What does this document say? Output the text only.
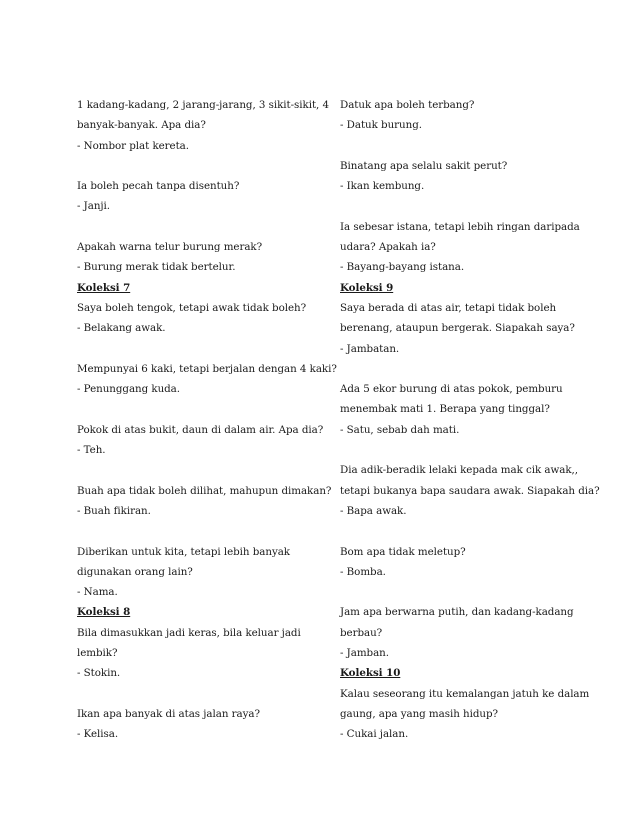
1 kadang-kadang, 2 jarang-jarang, 3 sikit-sikit, 4
banyak-banyak. Apa dia?
- Nombor plat kereta.
Ia boleh pecah tanpa disentuh?
- Janji.
Apakah warna telur burung merak?
- Burung merak tidak bertelur.
Koleksi 7
Saya boleh tengok, tetapi awak tidak boleh?
- Belakang awak.
Mempunyai 6 kaki, tetapi berjalan dengan 4 kaki?
- Penunggang kuda.
Pokok di atas bukit, daun di dalam air. Apa dia?
- Teh.
Buah apa tidak boleh dilihat, mahupun dimakan?
- Buah fikiran.
Diberikan untuk kita, tetapi lebih banyak
digunakan orang lain?
- Nama.
Koleksi 8
Bila dimasukkan jadi keras, bila keluar jadi
lembik?
- Stokin.
Ikan apa banyak di atas jalan raya?
- Kelisa.
Datuk apa boleh terbang?
- Datuk burung.
Binatang apa selalu sakit perut?
- Ikan kembung.
Ia sebesar istana, tetapi lebih ringan daripada
udara? Apakah ia?
- Bayang-bayang istana.
Koleksi 9
Saya berada di atas air, tetapi tidak boleh
berenang, ataupun bergerak. Siapakah saya?
- Jambatan.
Ada 5 ekor burung di atas pokok, pemburu
menembak mati 1. Berapa yang tinggal?
- Satu, sebab dah mati.
Dia adik-beradik lelaki kepada mak cik awak,,
tetapi bukanya bapa saudara awak. Siapakah dia?
- Bapa awak.
Bom apa tidak meletup?
- Bomba.
Jam apa berwarna putih, dan kadang-kadang
berbau?
- Jamban.
Koleksi 10
Kalau seseorang itu kemalangan jatuh ke dalam
gaung, apa yang masih hidup?
- Cukai jalan.
